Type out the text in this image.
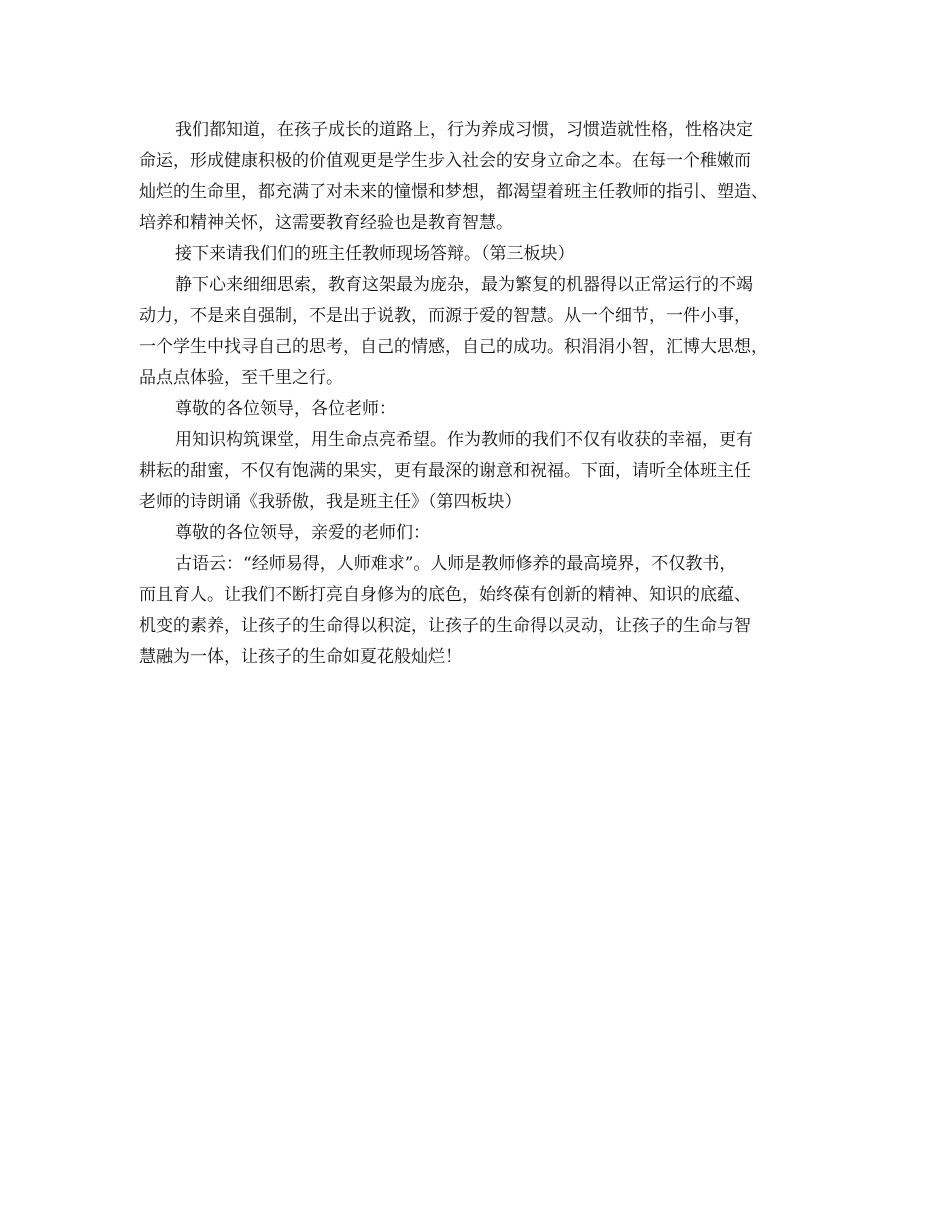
我们都知道，在孩子成长的道路上，行为养成习惯，习惯造就性格，性格决定
命运，形成健康积极的价值观更是学生步入社会的安身立命之本。在每一个稚嫩而
灿烂的生命里，都充满了对未来的憧憬和梦想，都渴望着班主任教师的指引、塑造、
培养和精神关怀，这需要教育经验也是教育智慧。

接下来请我们们的班主任教师现场答辩。（第三板块）

静下心来细细思索，教育这架最为庞杂，最为繁复的机器得以正常运行的不竭
动力，不是来自强制，不是出于说教，而源于爱的智慧。从一个细节，一件小事，
一个学生中找寻自己的思考，自己的情感，自己的成功。积涓涓小智，汇博大思想，
品点点体验，至千里之行。

尊敬的各位领导，各位老师：

用知识构筑课堂，用生命点亮希望。作为教师的我们不仅有收获的幸福，更有
耕耘的甜蜜，不仅有饱满的果实，更有最深的谢意和祝福。下面，请听全体班主任
老师的诗朗诵《我骄傲，我是班主任》（第四板块）

尊敬的各位领导，亲爱的老师们：

古语云：“经师易得，人师难求”。人师是教师修养的最高境界，不仅教书，
而且育人。让我们不断打亮自身修为的底色，始终葆有创新的精神、知识的底蕴、
机变的素养，让孩子的生命得以积淀，让孩子的生命得以灵动，让孩子的生命与智
慧融为一体，让孩子的生命如夏花般灿烂！
